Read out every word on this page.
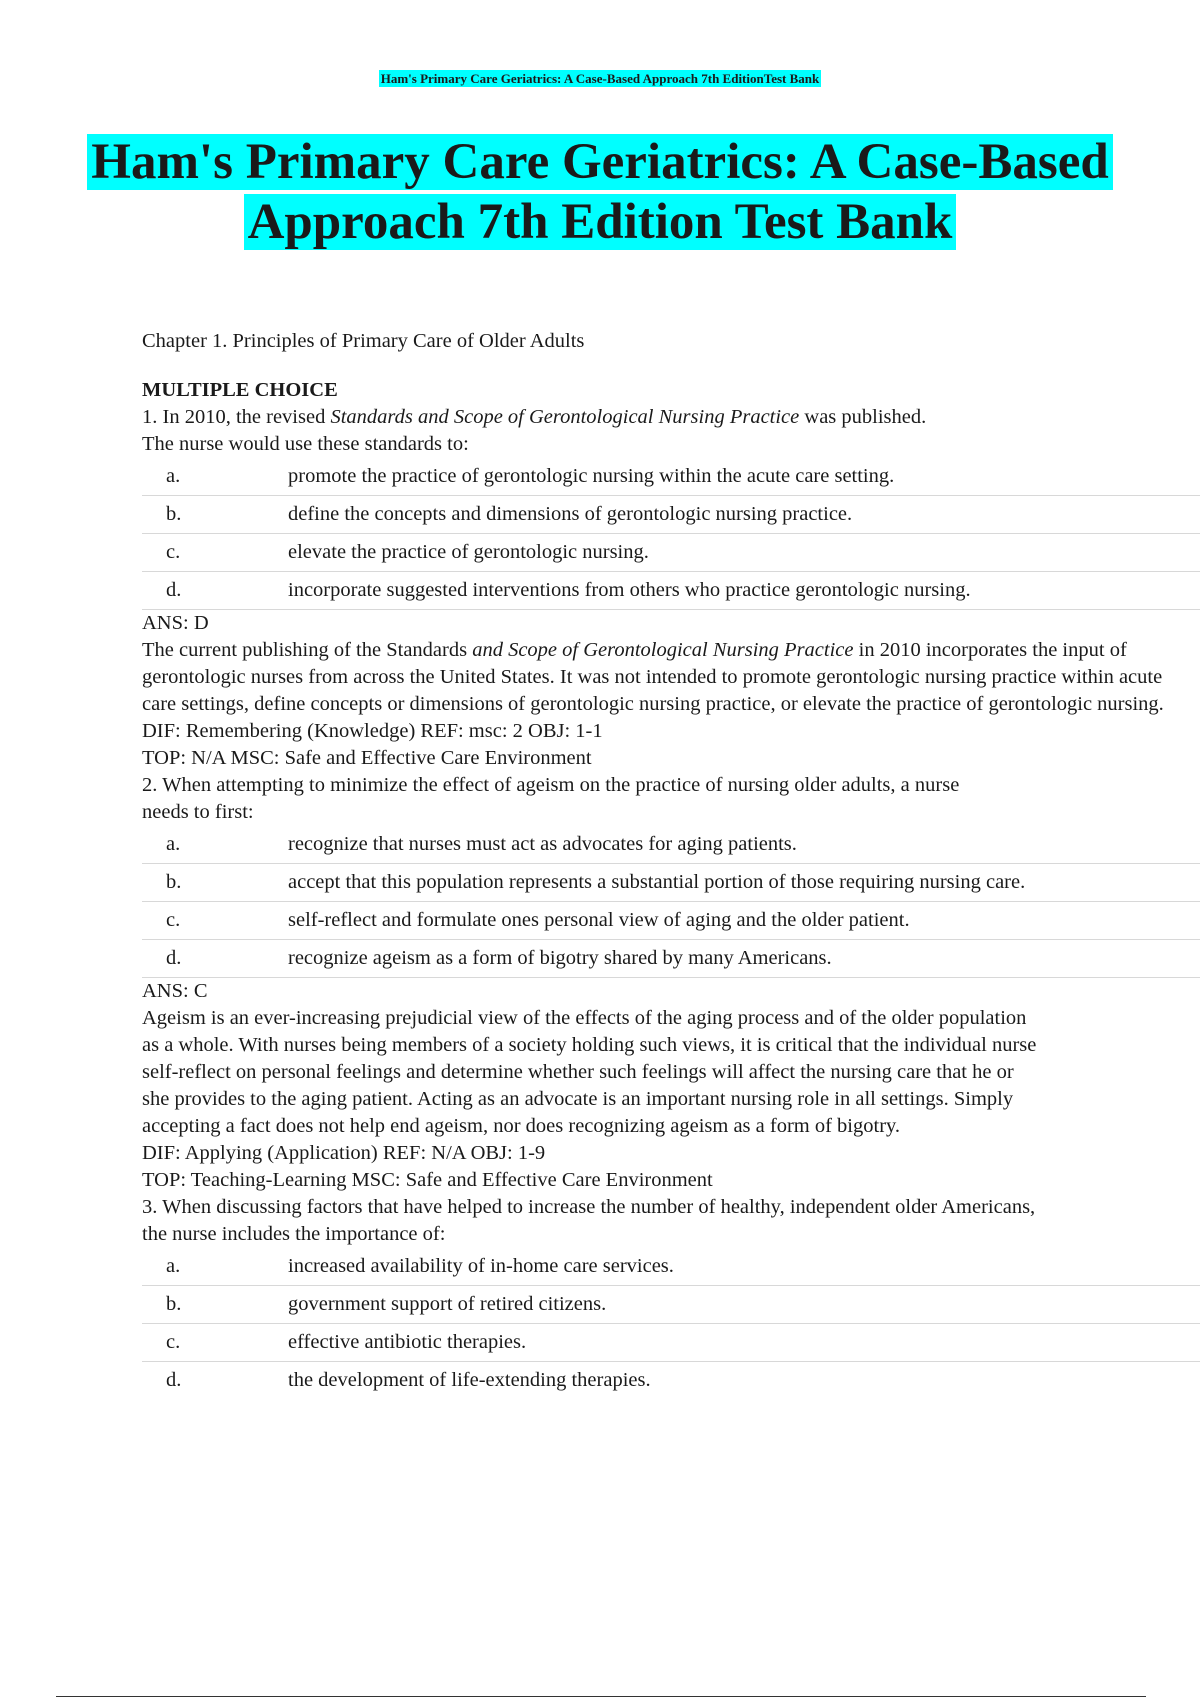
Ham's Primary Care Geriatrics: A Case-Based Approach 7th EditionTest Bank
Ham's Primary Care Geriatrics: A Case-Based
Approach 7th Edition Test Bank
Chapter 1. Principles of Primary Care of Older Adults
MULTIPLE CHOICE

1. In 2010, the revised Standards and Scope of Gerontological Nursing Practice was published.
The nurse would use these standards to:

a.	promote the practice of gerontologic nursing within the acute care setting.
b.	define the concepts and dimensions of gerontologic nursing practice.
c.	elevate the practice of gerontologic nursing.
d.	incorporate suggested interventions from others who practice gerontologic nursing.

ANS: D

The current publishing of the Standards and Scope of Gerontological Nursing Practice in 2010 incorporates the input of gerontologic nurses from across the United States. It was not intended to promote gerontologic nursing practice within acute care settings, define concepts or dimensions of gerontologic nursing practice, or elevate the practice of gerontologic nursing.

DIF: Remembering (Knowledge) REF: msc: 2 OBJ: 1-1

TOP: N/A MSC: Safe and Effective Care Environment

2. When attempting to minimize the effect of ageism on the practice of nursing older adults, a nurse needs to first:

a.	recognize that nurses must act as advocates for aging patients.
b.	accept that this population represents a substantial portion of those requiring nursing care.
c.	self-reflect and formulate ones personal view of aging and the older patient.
d.	recognize ageism as a form of bigotry shared by many Americans.

ANS: C

Ageism is an ever-increasing prejudicial view of the effects of the aging process and of the older population as a whole. With nurses being members of a society holding such views, it is critical that the individual nurse self-reflect on personal feelings and determine whether such feelings will affect the nursing care that he or she provides to the aging patient. Acting as an advocate is an important nursing role in all settings. Simply accepting a fact does not help end ageism, nor does recognizing ageism as a form of bigotry.

DIF: Applying (Application) REF: N/A OBJ: 1-9

TOP: Teaching-Learning MSC: Safe and Effective Care Environment

3. When discussing factors that have helped to increase the number of healthy, independent older Americans, the nurse includes the importance of:

a.	increased availability of in-home care services.
b.	government support of retired citizens.
c.	effective antibiotic therapies.
d.	the development of life-extending therapies.
